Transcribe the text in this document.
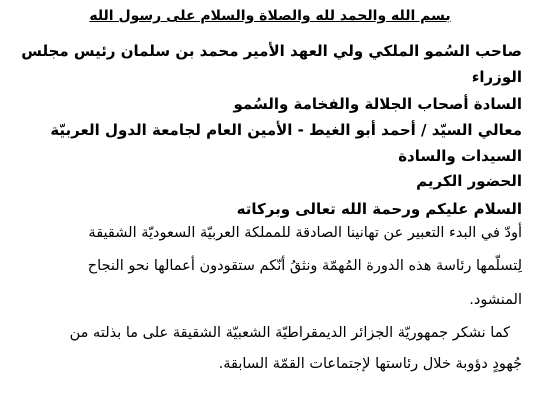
بسم الله والحمد لله والصلاة والسلام على رسول الله
صاحب السُمو الملكي ولي العهد الأمير محمد بن سلمان رئيس مجلس
الوزراء
السادة أصحاب الجلالة والفخامة والسُمو
معالي السيّد / أحمد أبو الغيط - الأمين العام لجامعة الدول العربيّة
السيدات والسادة
الحضور الكريم
السلام عليكم ورحمة الله تعالى وبركاته
أودّ في البدء التعبير عن تهانينا الصادقة للمملكة العربيّة السعوديّة الشقيقة
لِتسلّمها رئاسة هذه الدورة المُهمّة ونثقُ أنّكم ستقودون أعمالها نحو النجاح
المنشود.
كما نشكر جمهوريّة الجزائر الديمقراطيّة الشعبيّة الشقيقة على ما بذلته من
جُهودٍ دؤوبة خلال رئاستها لإجتماعات القمّة السابقة.
